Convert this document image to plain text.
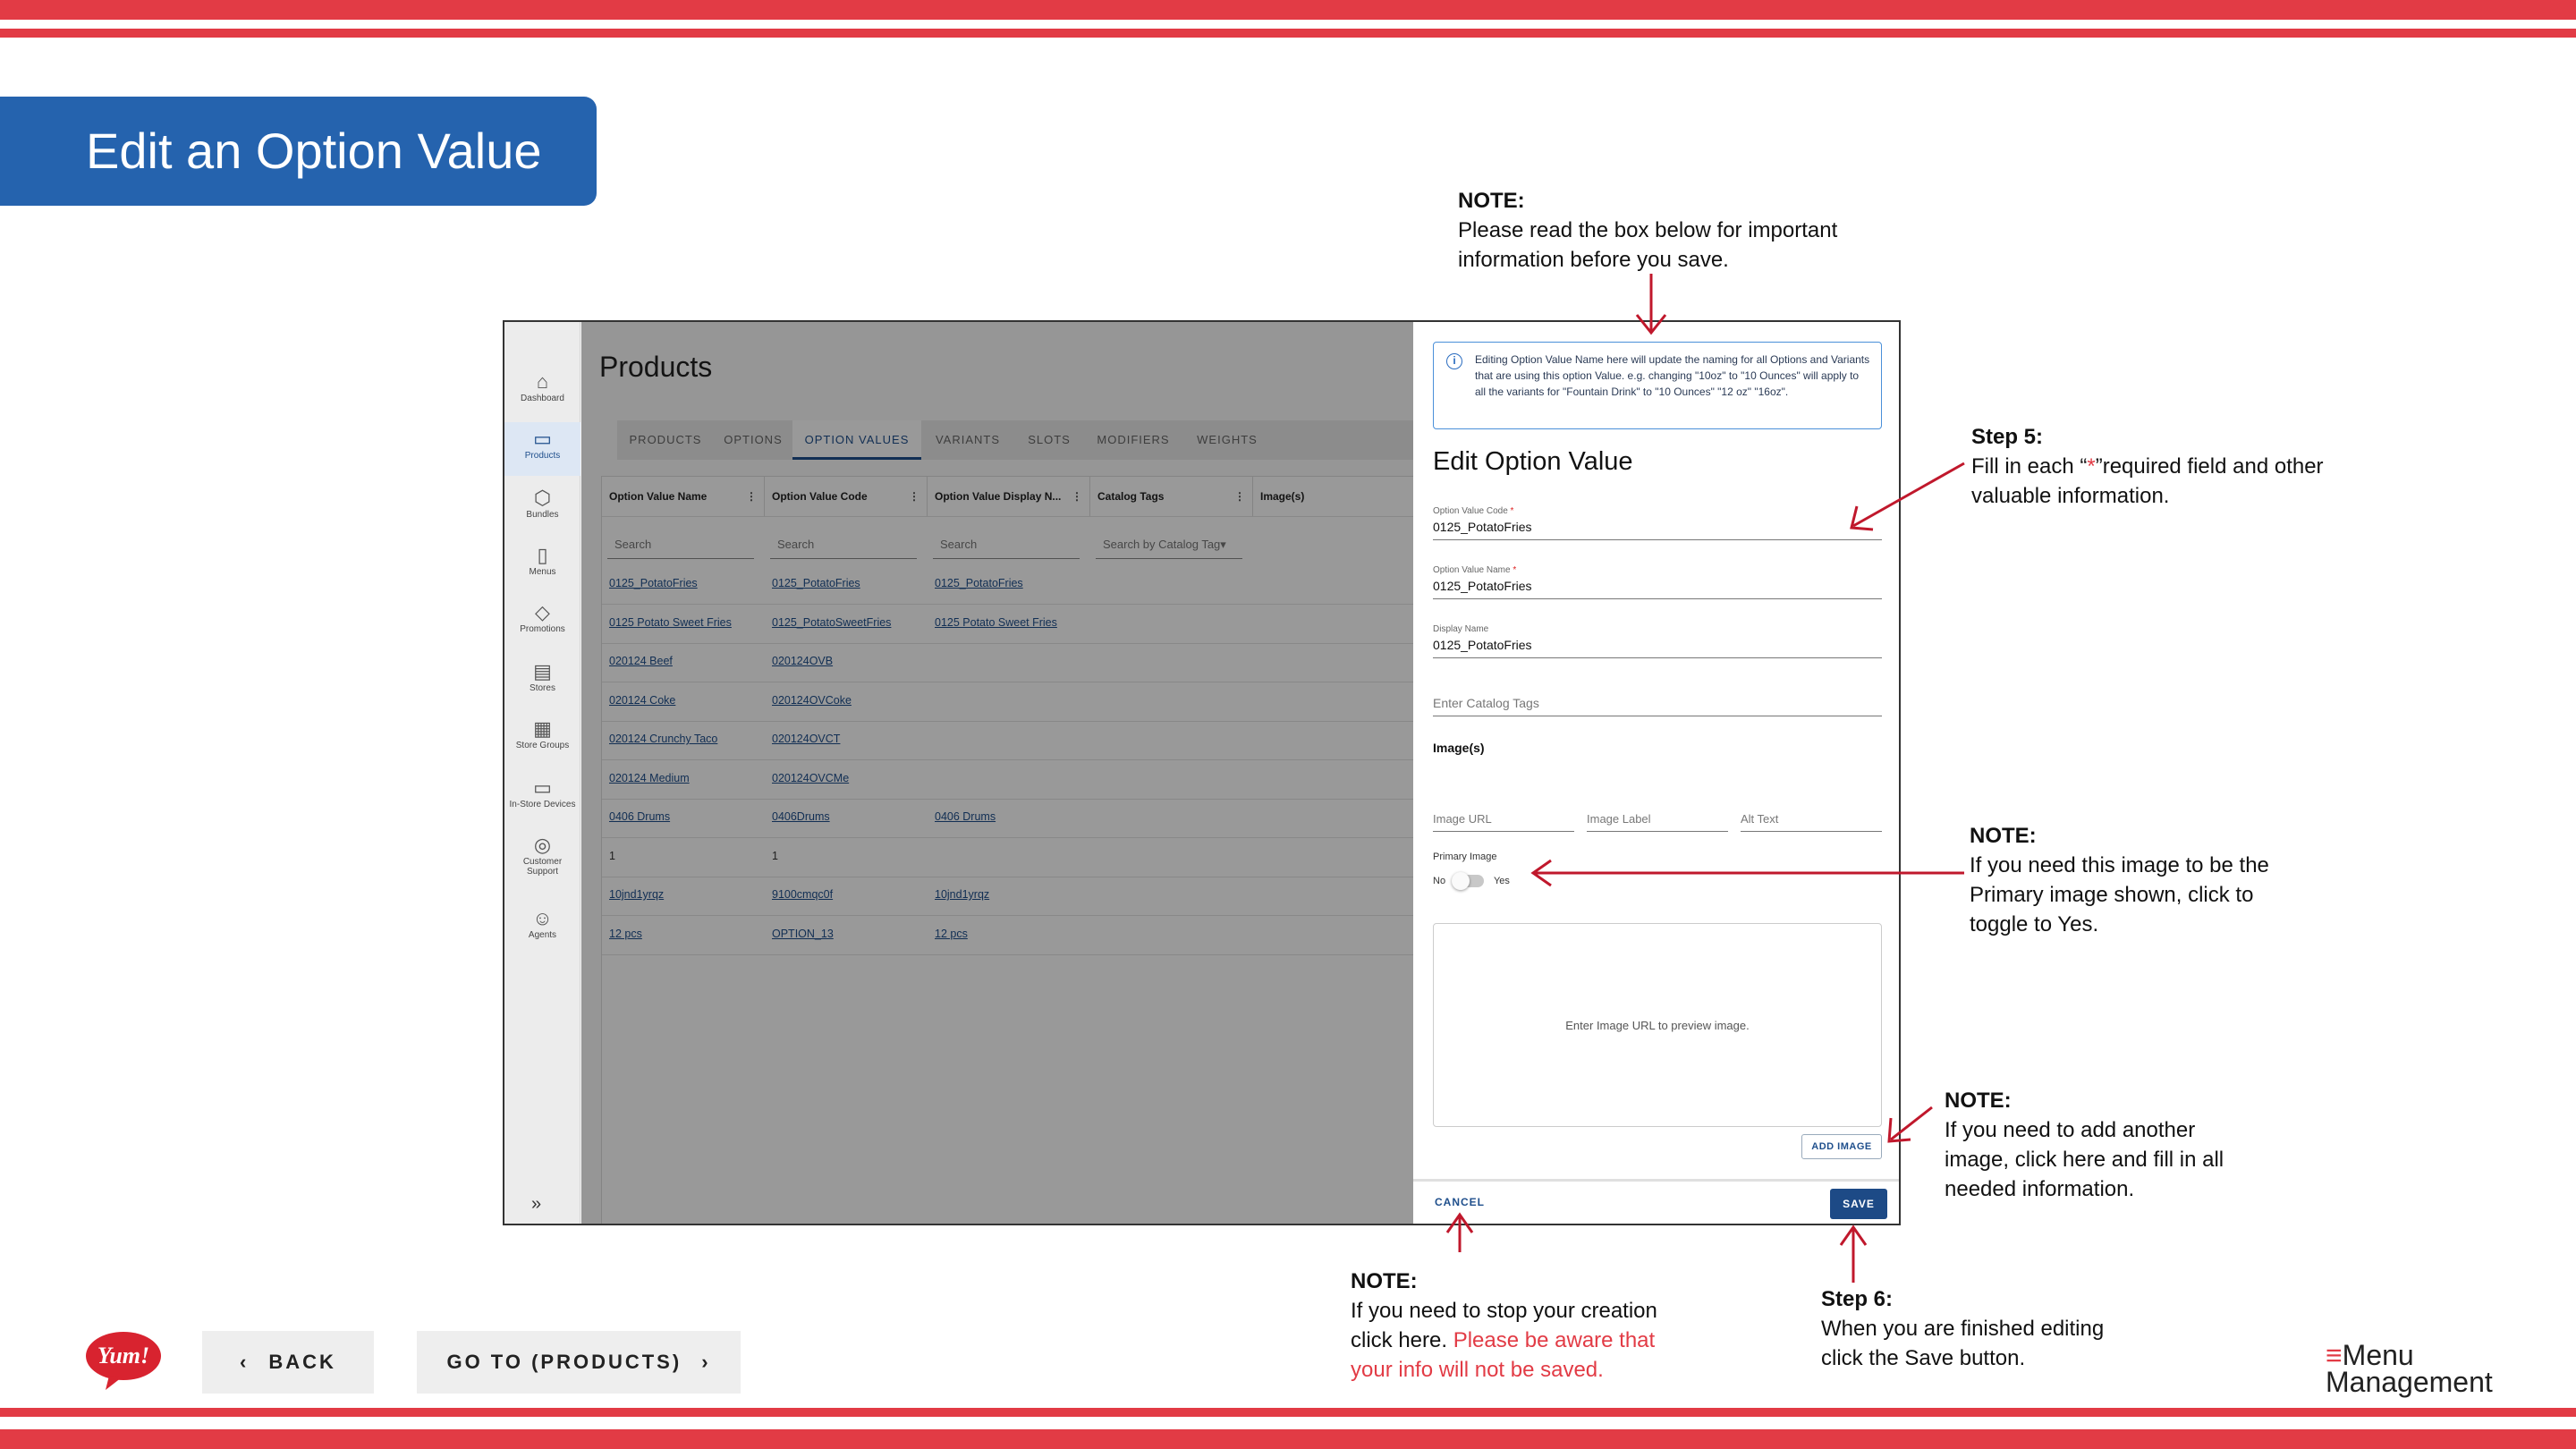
Edit an Option Value
NOTE:
Please read the box below for important information before you save.
Step 5:
Fill in each “*”required field and other valuable information.
NOTE:
If you need this image to be the Primary image shown, click to toggle to Yes.
NOTE:
If you need to add another image, click here and fill in all needed information.
NOTE:
If you need to stop your creation click here. Please be aware that your info will not be saved.
Step 6:
When you are finished editing click the Save button.
⌂
Dashboard
▭
Products
⬡
Bundles
▯
Menus
◇
Promotions
▤
Stores
▦
Store Groups
▭
In-Store Devices
◎
Customer Support
☺
Agents
»
Products
PRODUCTS	OPTIONS	OPTION VALUES	VARIANTS	SLOTS	MODIFIERS	WEIGHTS
Option Value Name	⋮	Option Value Code	⋮	Option Value Display N... ⋮	Catalog Tags	⋮	Image(s)
Search	Search	Search	Search by Catalog Tag▾
0125_PotatoFries	0125_PotatoFries	0125_PotatoFries
0125 Potato Sweet Fries	0125_PotatoSweetFries	0125 Potato Sweet Fries
020124 Beef	020124OVB
020124 Coke	020124OVCoke
020124 Crunchy Taco	020124OVCT
020124 Medium	020124OVCMe
0406 Drums	0406Drums	0406 Drums
1	1
10jnd1yrqz	9100cmqc0f	10jnd1yrqz
12 pcs	OPTION_13	12 pcs
i	Editing Option Value Name here will update the naming for all Options and Variants that are using this option Value. e.g. changing "10oz" to "10 Ounces" will apply to all the variants for "Fountain Drink" to "10 Ounces" "12 oz" "16oz".
Edit Option Value
Option Value Code *
0125_PotatoFries
Option Value Name *
0125_PotatoFries
Display Name
0125_PotatoFries
Enter Catalog Tags
Image(s)
Image URL	Image Label	Alt Text
Primary Image
No	Yes
Enter Image URL to preview image.
ADD IMAGE
CANCEL	SAVE
Yum!	‹ BACK	GO TO (PRODUCTS) ›	≡Menu
Management
